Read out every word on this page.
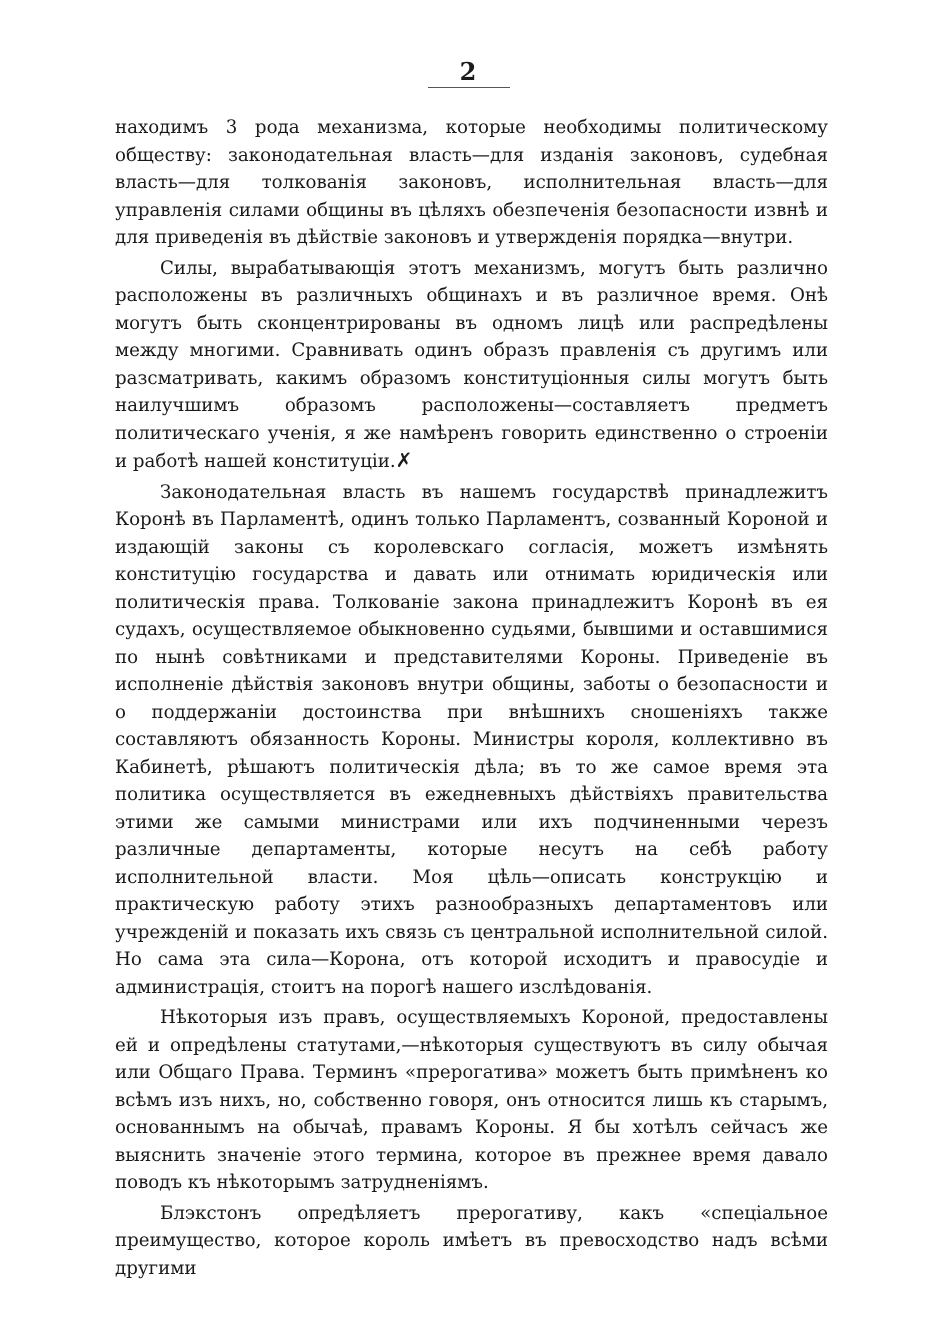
2

находимъ 3 рода механизма, которые необходимы политическому обществу: законодательная власть—для изданія законовъ, судебная власть—для толкованія законовъ, исполнительная власть—для управленія силами общины въ цѣляхъ обезпеченія безопасности извнѣ и для приведенія въ дѣйствіе законовъ и утвержденія порядка—внутри.

Силы, вырабатывающія этотъ механизмъ, могутъ быть различно расположены въ различныхъ общинахъ и въ различное время. Онѣ могутъ быть сконцентрированы въ одномъ лицѣ или распредѣлены между многими. Сравнивать одинъ образъ правленія съ другимъ или разсматривать, какимъ образомъ конституціонныя силы могутъ быть наилучшимъ образомъ расположены—составляетъ предметъ политическаго ученія, я же намѣренъ говорить единственно о строеніи и работѣ нашей конституціи.✗

Законодательная власть въ нашемъ государствѣ принадлежитъ Коронѣ въ Парламентѣ, одинъ только Парламентъ, созванный Короной и издающій законы съ королевскаго согласія, можетъ измѣнять конституцію государства и давать или отнимать юридическія или политическія права. Толкованіе закона принадлежитъ Коронѣ въ ея судахъ, осуществляемое обыкновенно судьями, бывшими и оставшимися по нынѣ совѣтниками и представителями Короны. Приведеніе въ исполненіе дѣйствія законовъ внутри общины, заботы о безопасности и о поддержаніи достоинства при внѣшнихъ сношеніяхъ также составляютъ обязанность Короны. Министры короля, коллективно въ Кабинетѣ, рѣшаютъ политическія дѣла; въ то же самое время эта политика осуществляется въ ежедневныхъ дѣйствіяхъ правительства этими же самыми министрами или ихъ подчиненными черезъ различные департаменты, которые несутъ на себѣ работу исполнительной власти. Моя цѣль—описать конструкцію и практическую работу этихъ разнообразныхъ департаментовъ или учрежденій и показать ихъ связь съ центральной исполнительной силой. Но сама эта сила—Корона, отъ которой исходитъ и правосудіе и администрація, стоитъ на порогѣ нашего изслѣдованія.

Нѣкоторыя изъ правъ, осуществляемыхъ Короной, предоставлены ей и опредѣлены статутами,—нѣкоторыя существуютъ въ силу обычая или Общаго Права. Терминъ «прерогатива» можетъ быть примѣненъ ко всѣмъ изъ нихъ, но, собственно говоря, онъ относится лишь къ старымъ, основаннымъ на обычаѣ, правамъ Короны. Я бы хотѣлъ сейчасъ же выяснить значеніе этого термина, которое въ прежнее время давало поводъ къ нѣкоторымъ затрудненіямъ.

Блэкстонъ опредѣляетъ прерогативу, какъ «спеціальное преимущество, которое король имѣетъ въ превосходство надъ всѣми другими
